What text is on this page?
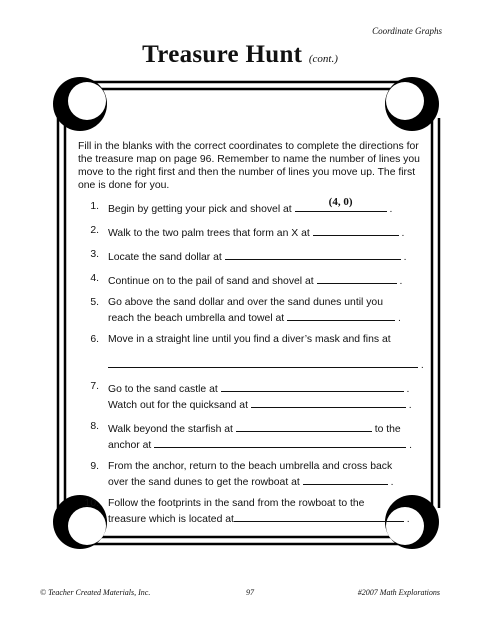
Coordinate Graphs
Treasure Hunt (cont.)

Fill in the blanks with the correct coordinates to complete the directions for the treasure map on page 96. Remember to name the number of lines you move to the right first and then the number of lines you move up. The first one is done for you.

1. Begin by getting your pick and shovel at
(4, 0)
.
2. Walk to the two palm trees that form an X at	.
3. Locate the sand dollar at	.
4. Continue on to the pail of sand and shovel at	.
5. Go above the sand dollar and over the sand dunes until you
reach the beach umbrella and towel at	.
6. Move in a straight line until you find a diver’s mask and fins at
.
7. Go to the sand castle at	.
Watch out for the quicksand at	.
8. Walk beyond the starfish at	to the
anchor at	.
9. From the anchor, return to the beach umbrella and cross back
over the sand dunes to get the rowboat at	.
10. Follow the footprints in the sand from the rowboat to the
treasure which is located at	.
© Teacher Created Materials, Inc.	97	#2007 Math Explorations
